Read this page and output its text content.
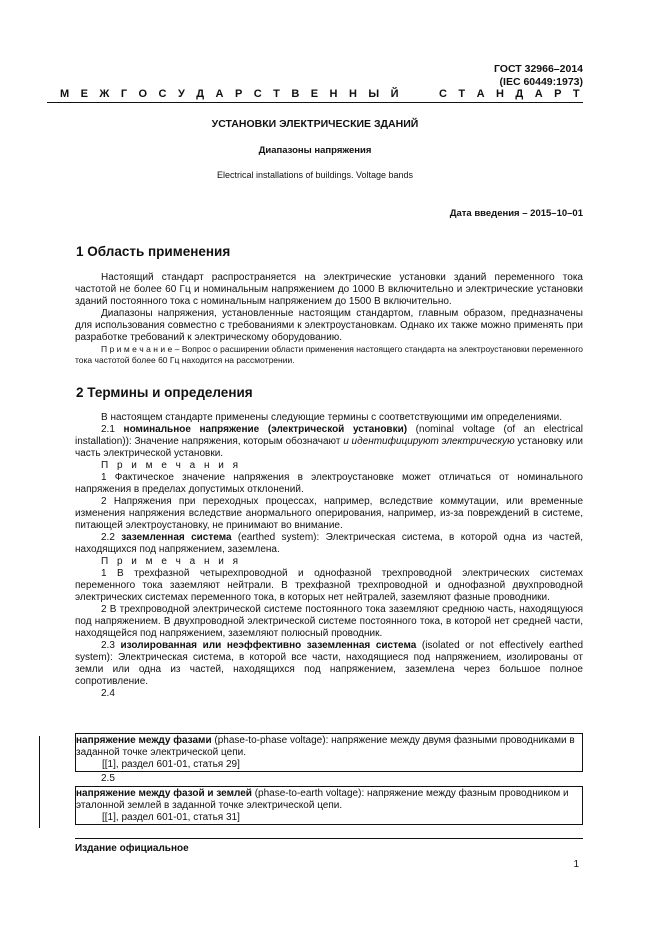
ГОСТ 32966–2014
(IEC 60449:1973)
М Е Ж Г О С У Д А Р С Т В Е Н Н Ы Й

	С Т А Н Д А Р Т
УСТАНОВКИ ЭЛЕКТРИЧЕСКИЕ ЗДАНИЙ
Диапазоны напряжения
Electrical installations of buildings. Voltage bands
Дата введения – 2015–10–01
1 Область применения

Настоящий стандарт распространяется на электрические установки зданий переменного тока частотой не более 60 Гц и номинальным напряжением до 1000 В включительно и электрические установки зданий постоянного тока с номинальным напряжением до 1500 В включительно.

Диапазоны напряжения, установленные настоящим стандартом, главным образом, предназначены для использования совместно с требованиями к электроустановкам. Однако их также можно применять при разработке требований к электрическому оборудованию.

П р и м е ч а н и е – Вопрос о расширении области применения настоящего стандарта на электроустановки переменного тока частотой более 60 Гц находится на рассмотрении.

2 Термины и определения

В настоящем стандарте применены следующие термины с соответствующими им определениями.

2.1 номинальное напряжение (электрической установки) (nominal voltage (of an electrical installation)): Значение напряжения, которым обозначают и идентифицируют электрическую установку или часть электрической установки.

П р и м е ч а н и я

1 Фактическое значение напряжения в электроустановке может отличаться от номинального напряжения в пределах допустимых отклонений.

2 Напряжения при переходных процессах, например, вследствие коммутации, или временные изменения напряжения вследствие анормального оперирования, например, из-за повреждений в системе, питающей электроустановку, не принимают во внимание.

2.2 заземленная система (earthed system): Электрическая система, в которой одна из частей, находящихся под напряжением, заземлена.

П р и м е ч а н и я

1 В трехфазной четырехпроводной и однофазной трехпроводной электрических системах переменного тока заземляют нейтрали. В трехфазной трехпроводной и однофазной двухпроводной электрических системах переменного тока, в которых нет нейтралей, заземляют фазные проводники.

2 В трехпроводной электрической системе постоянного тока заземляют среднюю часть, находящуюся под напряжением. В двухпроводной электрической системе постоянного тока, в которой нет средней части, находящейся под напряжением, заземляют полюсный проводник.

2.3 изолированная или неэффективно заземленная система (isolated or not effectively earthed system): Электрическая система, в которой все части, находящиеся под напряжением, изолированы от земли или одна из частей, находящихся под напряжением, заземлена через большое полное сопротивление.

2.4

напряжение между фазами (phase-to-phase voltage): напряжение между двумя фазными проводниками в заданной точке электрической цепи.

[[1], раздел 601-01, статья 29]

2.5

напряжение между фазой и землей (phase-to-earth voltage): напряжение между фазным проводником и эталонной землей в заданной точке электрической цепи.

[[1], раздел 601-01, статья 31]

Издание официальное
1
